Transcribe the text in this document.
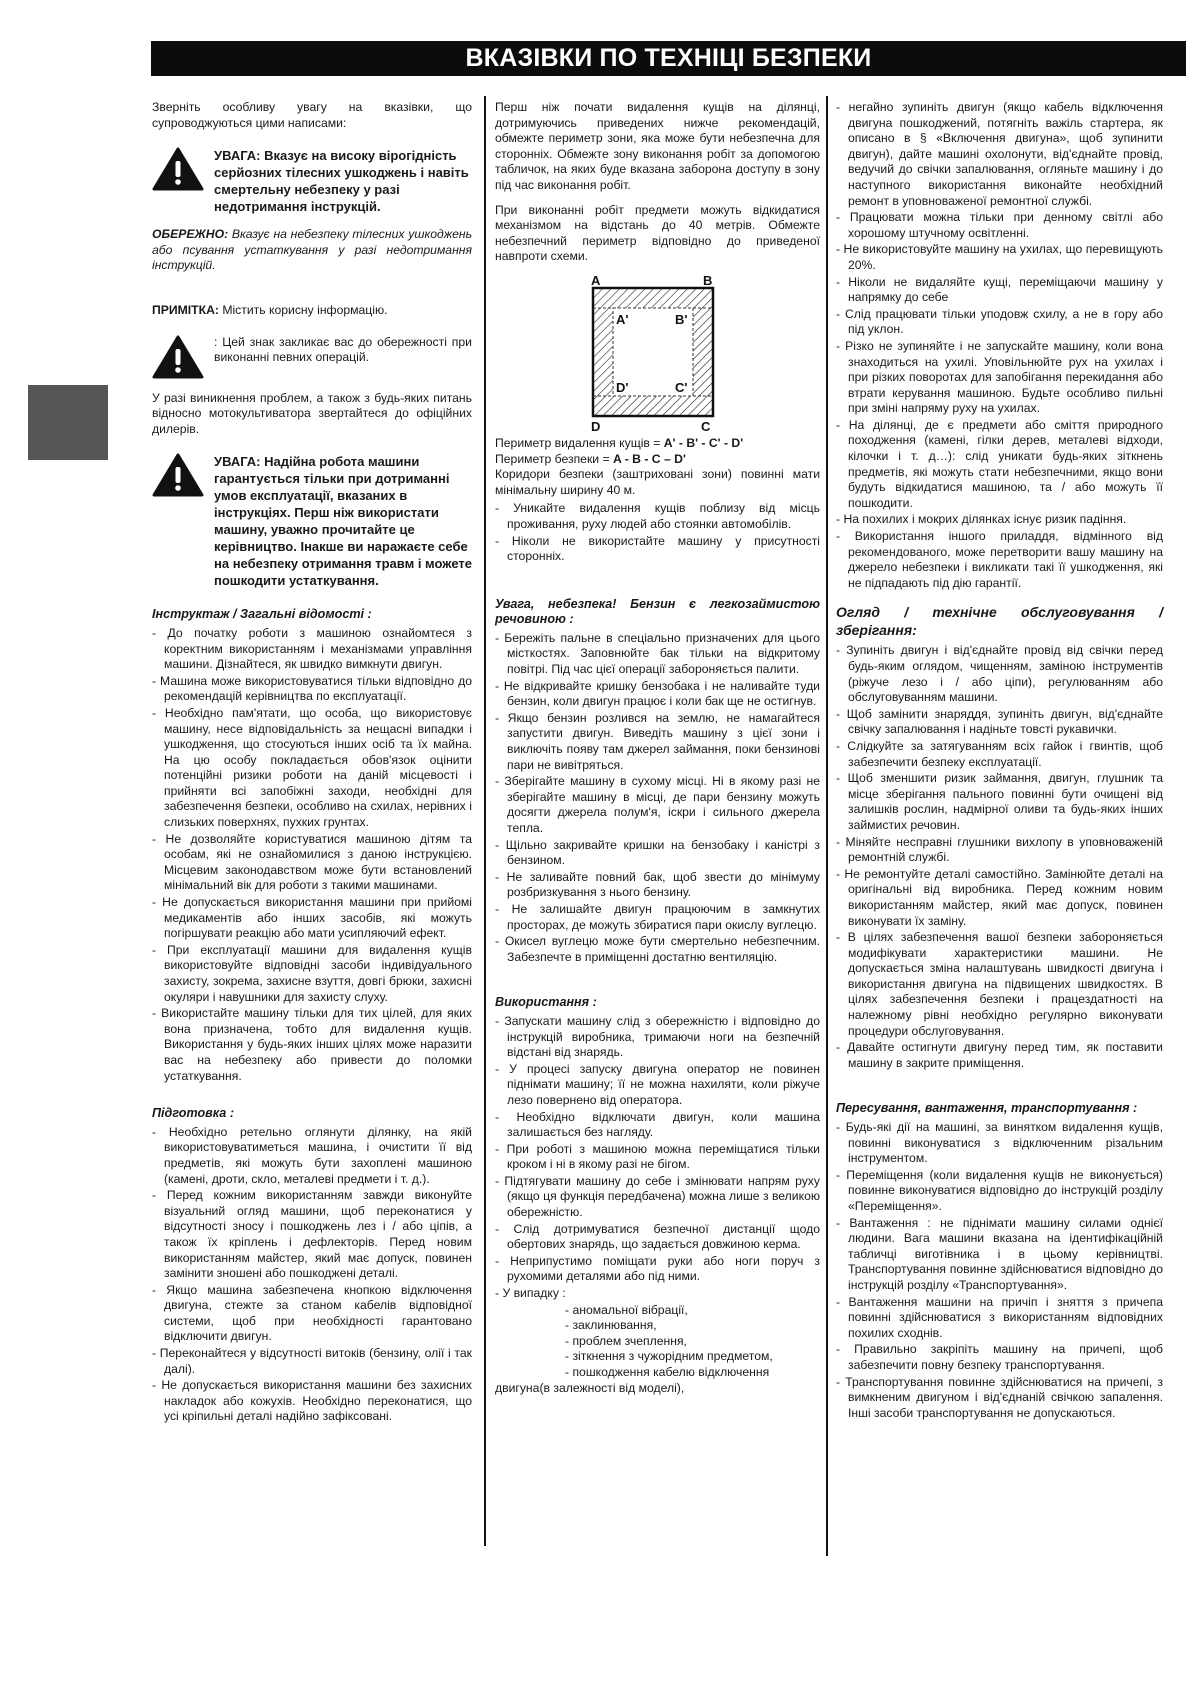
ВКАЗІВКИ ПО ТЕХНІЦІ БЕЗПЕКИ

Зверніть особливу увагу на вказівки, що супроводжуються цими написами:

УВАГА: Вказує на високу вірогідність серйозних тілесних ушкоджень і навіть смертельну небезпеку у разі недотримання інструкцій.

ОБЕРЕЖНО: Вказує на небезпеку тілесних ушкоджень або псування устаткування у разі недотримання інструкцій.

ПРИМІТКА: Містить корисну інформацію.

: Цей знак закликає вас до обережності при виконанні певних операцій.

У разі виникнення проблем, а також з будь-яких питань відносно мотокультиватора звертайтеся до офіційних дилерів.

УВАГА: Надійна робота машини гарантується тільки при дотриманні умов експлуатації, вказаних в інструкціях. Перш ніж використати машину, уважно прочитайте це керівництво. Інакше ви наражаєте себе на небезпеку отримання травм і можете пошкодити устаткування.
Інструктаж / Загальні відомості :

- До початку роботи з машиною ознайомтеся з коректним використанням і механізмами управління машини. Дізнайтеся, як швидко вимкнути двигун.

- Машина може використовуватися тільки відповідно до рекомендацій керівництва по експлуатації.

- Необхідно пам'ятати, що особа, що використовує машину, несе відповідальність за нещасні випадки і ушкодження, що стосуються інших осіб та їх майна. На цю особу покладається обов'язок оцінити потенційні ризики роботи на даній місцевості і прийняти всі запобіжні заходи, необхідні для забезпечення безпеки, особливо на схилах, нерівних і слизьких поверхнях, пухких грунтах.

- Не дозволяйте користуватися машиною дітям та особам, які не ознайомилися з даною інструкцією. Місцевим законодавством може бути встановлений мінімальний вік для роботи з такими машинами.

- Не допускається використання машини при прийомі медикаментів або інших засобів, які можуть погіршувати реакцію або мати усипляючий ефект.

- При експлуатації машини для видалення кущів використовуйте відповідні засоби індивідуального захисту, зокрема, захисне взуття, довгі брюки, захисні окуляри і навушники для захисту слуху.

- Використайте машину тільки для тих цілей, для яких вона призначена, тобто для видалення кущів. Використання у будь-яких інших цілях може наразити вас на небезпеку або привести до поломки устаткування.

Підготовка :

- Необхідно ретельно оглянути ділянку, на якій використовуватиметься машина, і очистити її від предметів, які можуть бути захоплені машиною (камені, дроти, скло, металеві предмети і т. д.).

- Перед кожним використанням завжди виконуйте візуальний огляд машини, щоб переконатися у відсутності зносу і пошкоджень лез і / або ціпів, а також їх кріплень і дефлекторів. Перед новим використанням майстер, який має допуск, повинен замінити зношені або пошкоджені деталі.

- Якщо машина забезпечена кнопкою відключення двигуна, стежте за станом кабелів відповідної системи, щоб при необхідності гарантовано відключити двигун.

- Переконайтеся у відсутності витоків (бензину, олії і так далі).

- Не допускається використання машини без захисних накладок або кожухів. Необхідно переконатися, що усі кріпильні деталі надійно зафіксовані.

Перш ніж почати видалення кущів на ділянці, дотримуючись приведених нижче рекомендацій, обмежте периметр зони, яка може бути небезпечна для сторонніх. Обмежте зону виконання робіт за допомогою табличок, на яких буде вказана заборона доступу в зону під час виконання робіт.

При виконанні робіт предмети можуть відкидатися механізмом на відстань до 40 метрів. Обмежте небезпечний периметр відповідно до приведеної навпроти схеми.

A	B
C
D
A'	B'
C'
D'
Периметр видалення кущів = A' - B' - C' - D'
Периметр безпеки = A - B - C – D'

Коридори безпеки (заштриховані зони) повинні мати мінімальну ширину 40 м.

- Уникайте видалення кущів поблизу від місць проживання, руху людей або стоянки автомобілів.

- Ніколи не використайте машину у присутності сторонніх.

Увага, небезпека! Бензин є легкозаймистою речовиною :

- Бережіть пальне в спеціально призначених для цього місткостях. Заповнюйте бак тільки на відкритому повітрі. Під час цієї операції забороняється палити.

- Не відкривайте кришку бензобака і не наливайте туди бензин, коли двигун працює і коли бак ще не остигнув.

- Якщо бензин розлився на землю, не намагайтеся запустити двигун. Виведіть машину з цієї зони і виключіть появу там джерел займання, поки бензинові пари не вивітряться.

- Зберігайте машину в сухому місці. Ні в якому разі не зберігайте машину в місці, де пари бензину можуть досягти джерела полум'я, іскри і сильного джерела тепла.

- Щільно закривайте кришки на бензобаку і каністрі з бензином.

- Не заливайте повний бак, щоб звести до мінімуму розбризкування з нього бензину.

- Не залишайте двигун працюючим в замкнутих просторах, де можуть збиратися пари окислу вуглецю.

- Окисел вуглецю може бути смертельно небезпечним. Забезпечте в приміщенні достатню вентиляцію.

Використання :

- Запускати машину слід з обережністю і відповідно до інструкцій виробника, тримаючи ноги на безпечній відстані від знарядь.

- У процесі запуску двигуна оператор не повинен піднімати машину; її не можна нахиляти, коли ріжуче лезо повернено від оператора.

- Необхідно відключати двигун, коли машина залишається без нагляду.

- При роботі з машиною можна переміщатися тільки кроком і ні в якому разі не бігом.

- Підтягувати машину до себе і змінювати напрям руху (якщо ця функція передбачена) можна лише з великою обережністю.

- Слід дотримуватися безпечної дистанції щодо обертових знарядь, що задається довжиною керма.

- Неприпустимо поміщати руки або ноги поруч з рухомими деталями або під ними.

- У випадку :

- аномальної вібрації,

- заклинювання,

- проблем зчеплення,

- зіткнення з чужорідним предметом,

- пошкодження кабелю відключення

двигуна(в залежності від моделі),

- негайно зупиніть двигун (якщо кабель відключення двигуна пошкоджений, потягніть важіль стартера, як описано в § «Включення двигуна», щоб зупинити двигун), дайте машині охолонути, від'єднайте провід, ведучий до свічки запалювання, огляньте машину і до наступного використання виконайте необхідний ремонт в уповноваженої ремонтної службі.

- Працювати можна тільки при денному світлі або хорошому штучному освітленні.

- Не використовуйте машину на ухилах, що перевищують 20%.

- Ніколи не видаляйте кущі, переміщаючи машину у напрямку до себе

- Слід працювати тільки уподовж схилу, а не в гору або під уклон.

- Різко не зупиняйте і не запускайте машину, коли вона знаходиться на ухилі. Уповільнюйте рух на ухилах і при різких поворотах для запобігання перекидання або втрати керування машиною. Будьте особливо пильні при зміні напряму руху на ухилах.

- На ділянці, де є предмети або сміття природного походження (камені, гілки дерев, металеві відходи, кілочки і т. д…): слід уникати будь-яких зіткнень предметів, які можуть стати небезпечними, якщо вони будуть відкидатися машиною, та / або можуть її пошкодити.

- На похилих і мокрих ділянках існує ризик падіння.

- Використання іншого приладдя, відмінного від рекомендованого, може перетворити вашу машину на джерело небезпеки і викликати такі її ушкодження, які не підпадають під дію гарантії.

Огляд / технічне обслуговування / зберігання:

- Зупиніть двигун і від'єднайте провід від свічки перед будь-яким оглядом, чищенням, заміною інструментів (ріжуче лезо і / або ціпи), регулюванням або обслуговуванням машини.

- Щоб замінити знаряддя, зупиніть двигун, від'єднайте свічку запалювання і надіньте товсті рукавички.

- Слідкуйте за затягуванням всіх гайок і гвинтів, щоб забезпечити безпеку експлуатації.

- Щоб зменшити ризик займання, двигун, глушник та місце зберігання пального повинні бути очищені від залишків рослин, надмірної оливи та будь-яких інших займистих речовин.

- Міняйте несправні глушники вихлопу в уповноваженій ремонтній службі.

- Не ремонтуйте деталі самостійно. Замінюйте деталі на оригінальні від виробника. Перед кожним новим використанням майстер, який має допуск, повинен виконувати їх заміну.

- В цілях забезпечення вашої безпеки забороняється модифікувати характеристики машини. Не допускається зміна налаштувань швидкості двигуна і використання двигуна на підвищених швидкостях. В цілях забезпечення безпеки і працездатності на належному рівні необхідно регулярно виконувати процедури обслуговування.

- Давайте остигнути двигуну перед тим, як поставити машину в закрите приміщення.

Пересування, вантаження, транспортування :

- Будь-які дії на машині, за винятком видалення кущів, повинні виконуватися з відключенним різальним інструментом.

- Переміщення (коли видалення кущів не виконується) повинне виконуватися відповідно до інструкцій розділу «Переміщення».

- Вантаження : не піднімати машину силами однієї людини. Вага машини вказана на ідентифікаційній табличці виготівника і в цьому керівництві. Транспортування повинне здійснюватися відповідно до інструкцій розділу «Транспортування».

- Вантаження машини на причіп і зняття з причепа повинні здійснюватися з використанням відповідних похилих сходнів.

- Правильно закріпіть машину на причепі, щоб забезпечити повну безпеку транспортування.

- Транспортування повинне здійснюватися на причепі, з вимкненим двигуном і від'єднаній свічкою запалення. Інші засоби транспортування не допускаються.
